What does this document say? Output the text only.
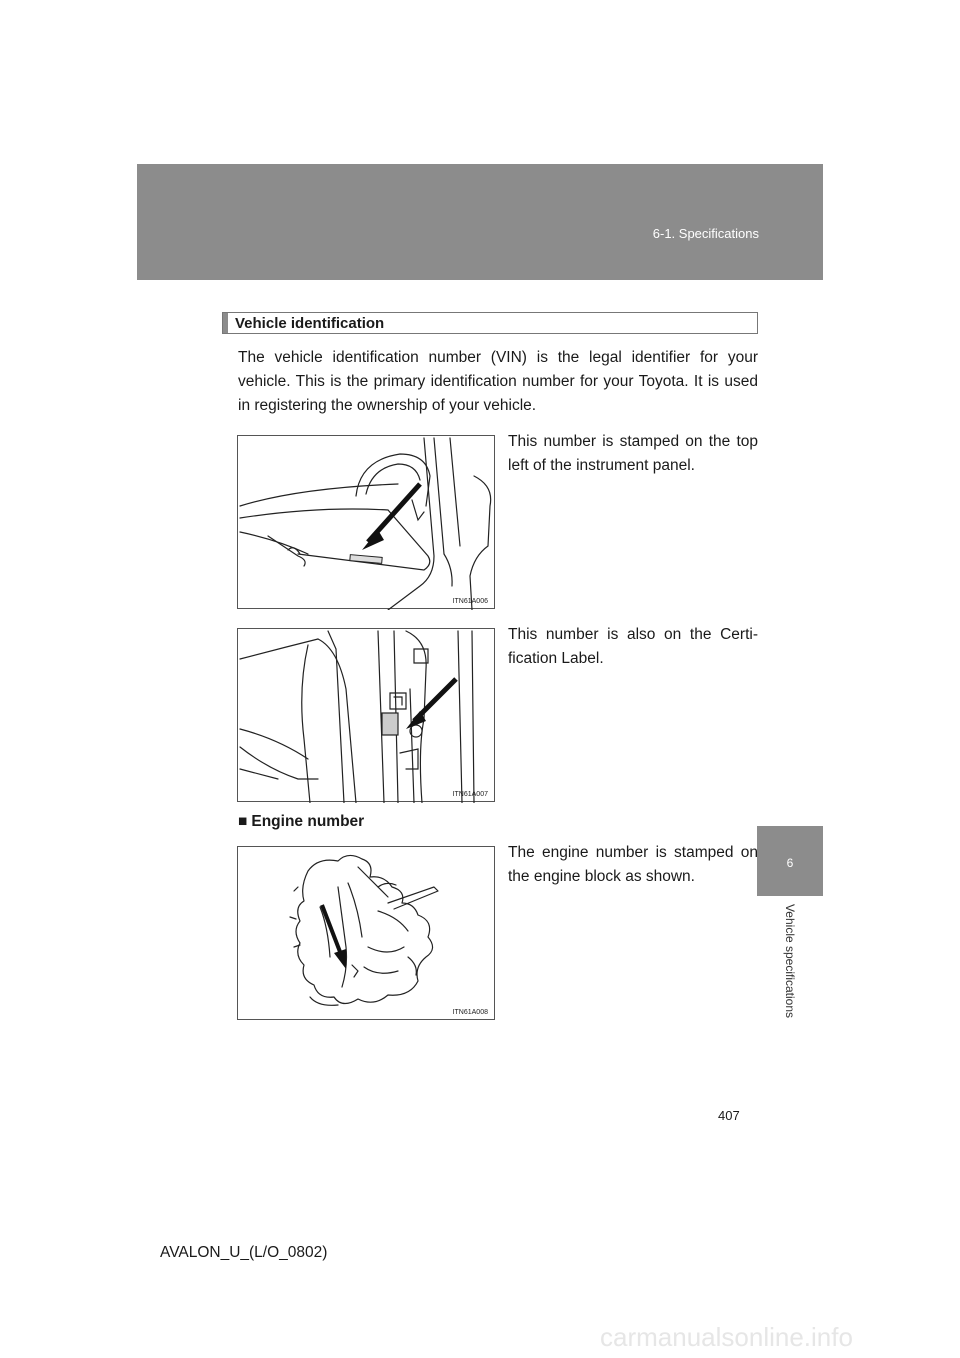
6-1. Specifications
6
Vehicle specifications
Vehicle identification
The vehicle identification number (VIN) is the legal identifier for your vehicle. This is the primary identification number for your Toyota. It is used in registering the ownership of your vehicle.
ITN61A006
This number is stamped on the top left of the instrument panel.
ITN61A007
This number is also on the Certi-fication Label.
■ Engine number
ITN61A008
The engine number is stamped on the engine block as shown.
407
AVALON_U_(L/O_0802)
carmanualsonline.info
